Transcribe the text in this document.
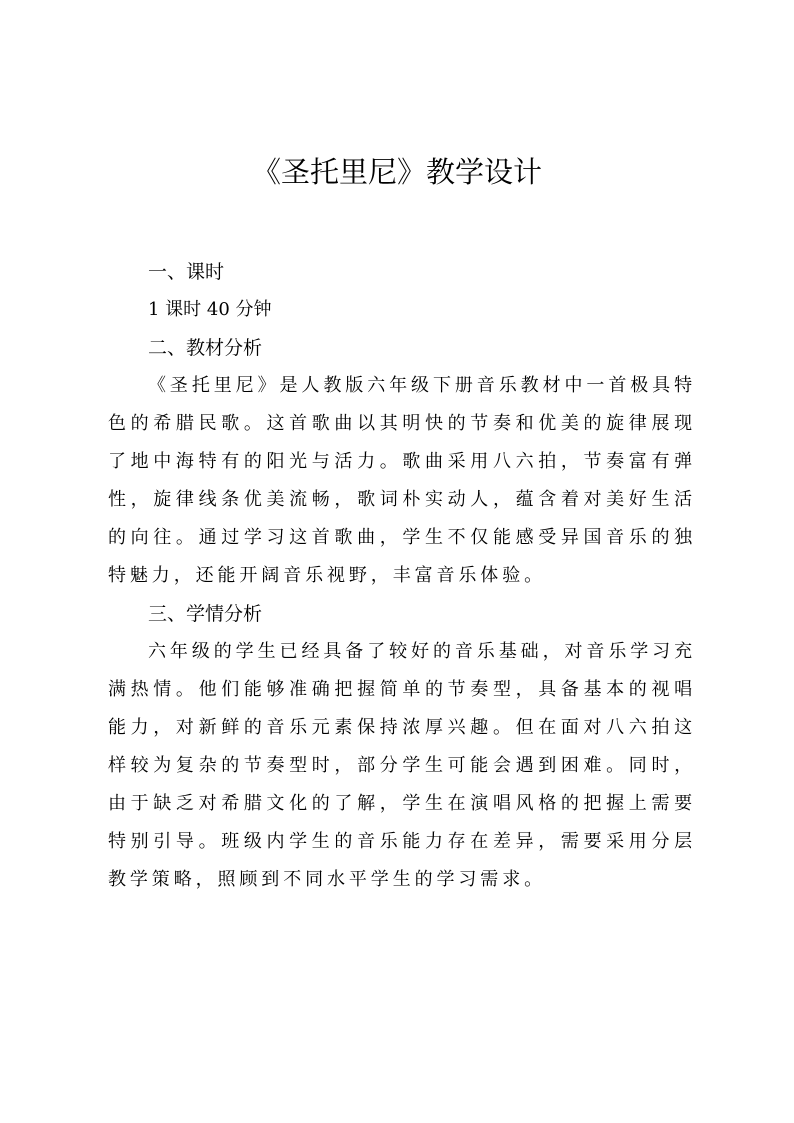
《圣托里尼》教学设计
一、课时
1 课时 40 分钟
二、教材分析

《圣托里尼》是人教版六年级下册音乐教材中一首极具特色的希腊民歌。这首歌曲以其明快的节奏和优美的旋律展现了地中海特有的阳光与活力。歌曲采用八六拍，节奏富有弹性，旋律线条优美流畅，歌词朴实动人，蕴含着对美好生活的向往。通过学习这首歌曲，学生不仅能感受异国音乐的独特魅力，还能开阔音乐视野，丰富音乐体验。

三、学情分析

六年级的学生已经具备了较好的音乐基础，对音乐学习充满热情。他们能够准确把握简单的节奏型，具备基本的视唱能力，对新鲜的音乐元素保持浓厚兴趣。但在面对八六拍这样较为复杂的节奏型时，部分学生可能会遇到困难。同时，由于缺乏对希腊文化的了解，学生在演唱风格的把握上需要特别引导。班级内学生的音乐能力存在差异，需要采用分层教学策略，照顾到不同水平学生的学习需求。
